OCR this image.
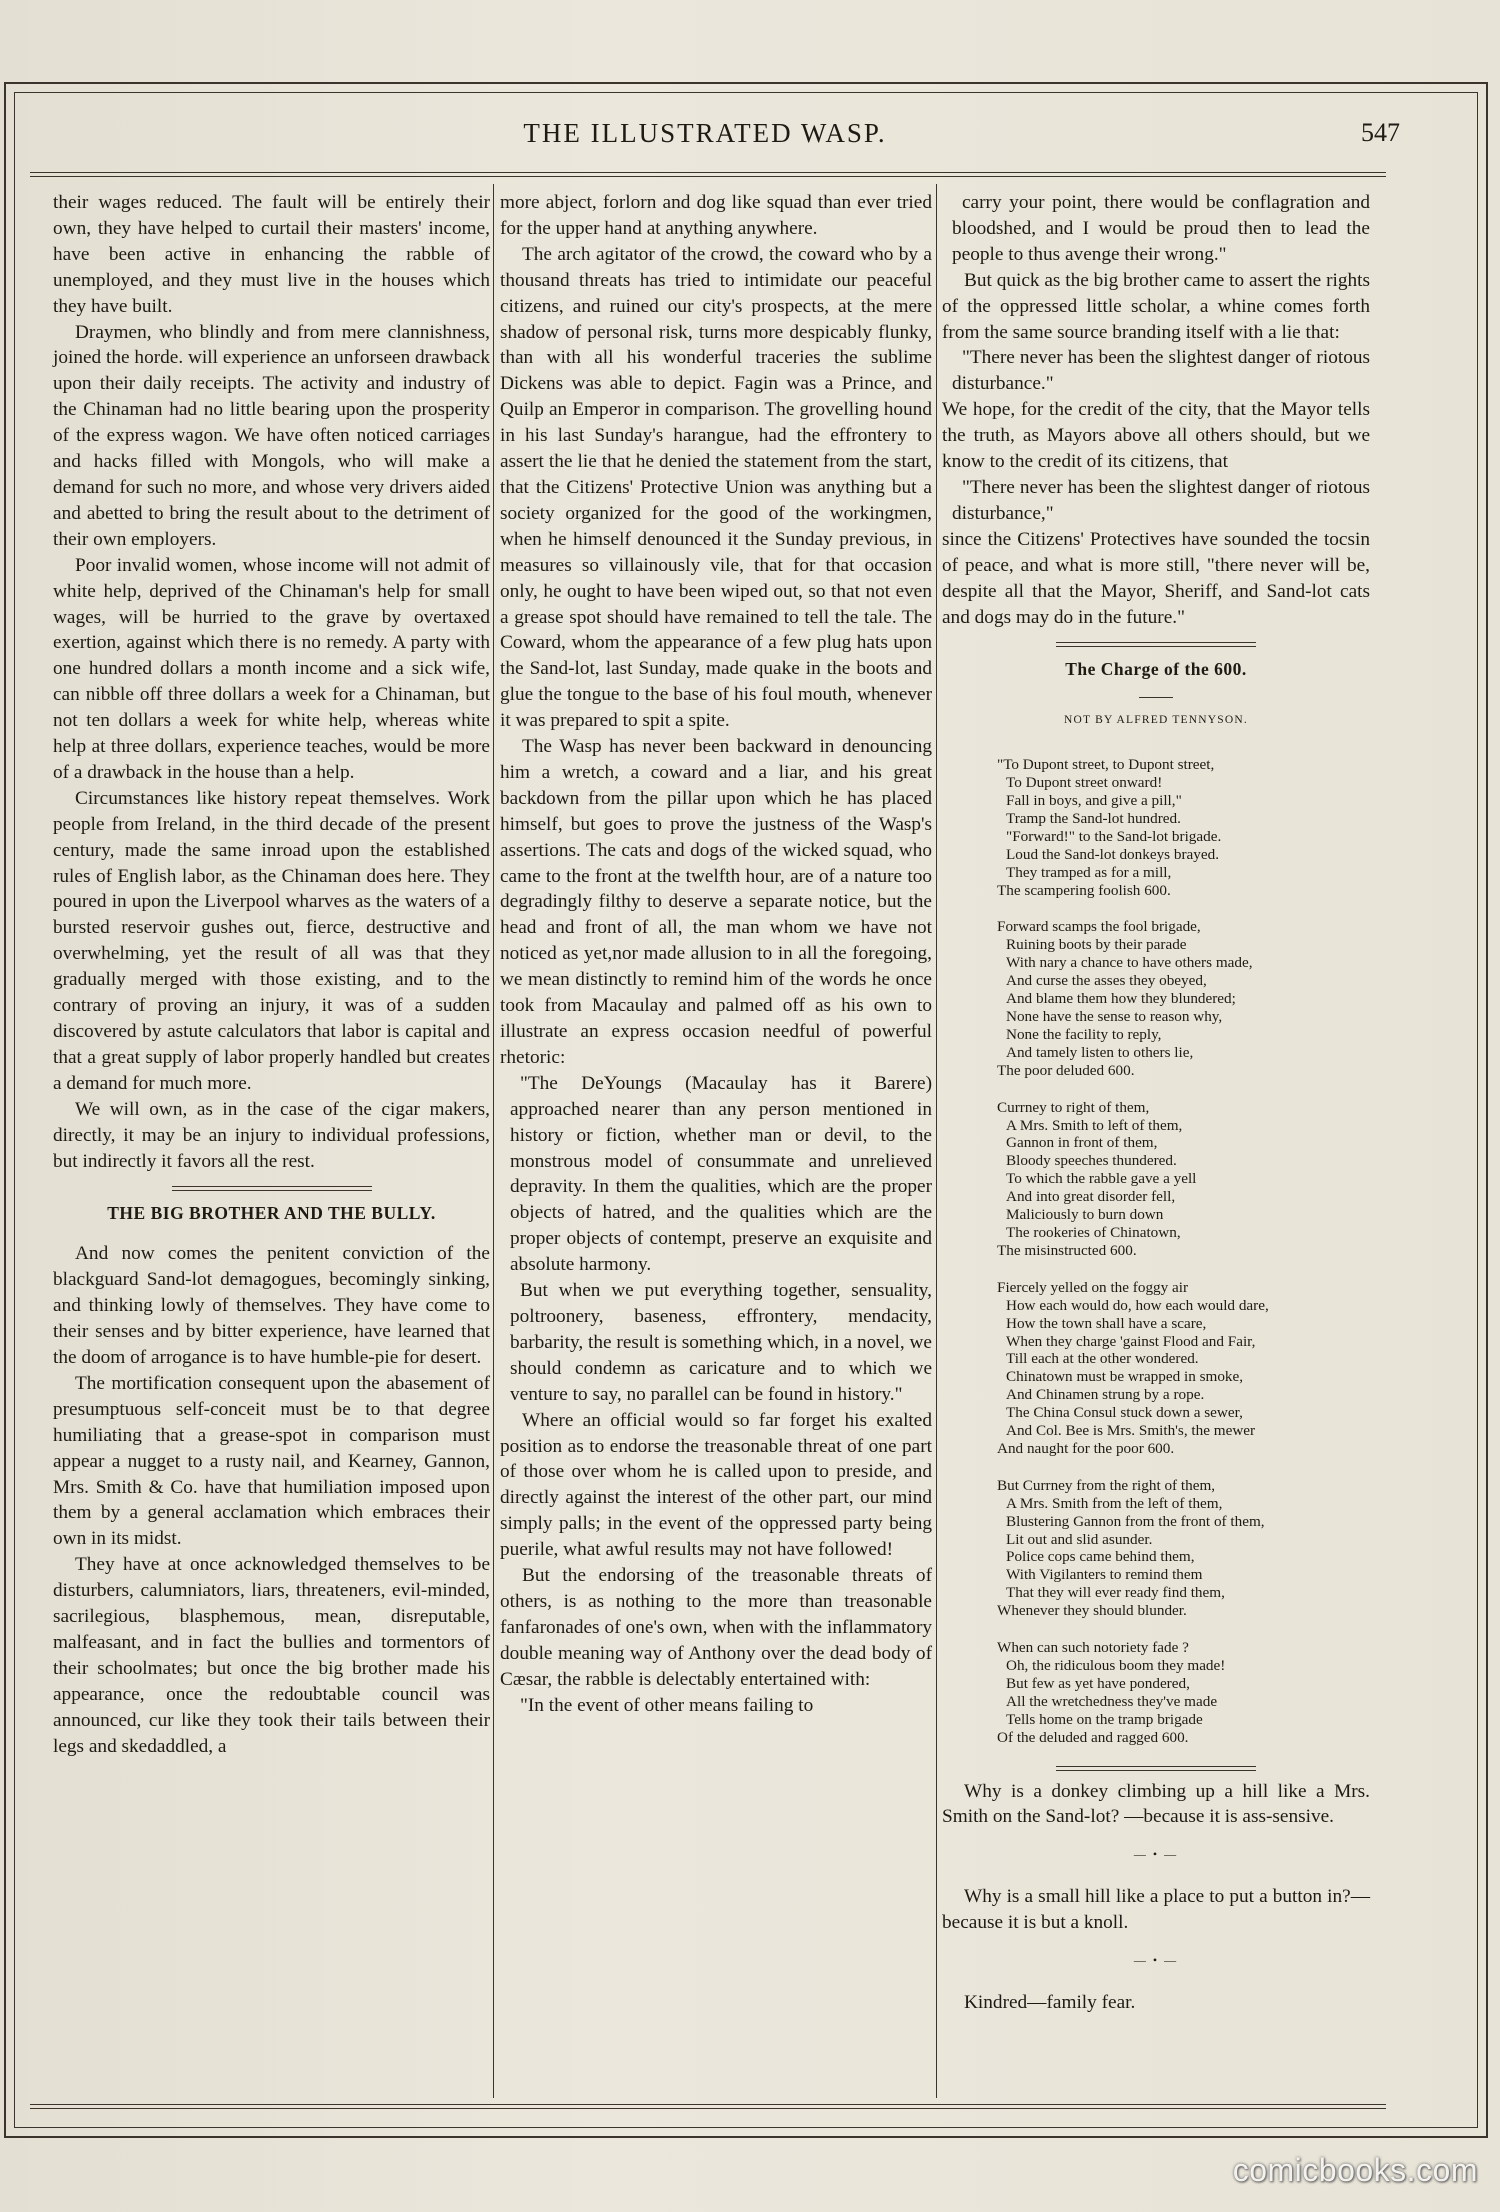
THE ILLUSTRATED WASP.	547

their wages reduced. The fault will be entirely their own, they have helped to curtail their masters' income, have been active in enhancing the rabble of unemployed, and they must live in the houses which they have built.

Draymen, who blindly and from mere clannishness, joined the horde. will experience an unforseen drawback upon their daily receipts. The activity and industry of the Chinaman had no little bearing upon the prosperity of the express wagon. We have often noticed carriages and hacks filled with Mongols, who will make a demand for such no more, and whose very drivers aided and abetted to bring the result about to the detriment of their own employers.

Poor invalid women, whose income will not admit of white help, deprived of the Chinaman's help for small wages, will be hurried to the grave by overtaxed exertion, against which there is no remedy. A party with one hundred dollars a month income and a sick wife, can nibble off three dollars a week for a Chinaman, but not ten dollars a week for white help, whereas white help at three dollars, experience teaches, would be more of a drawback in the house than a help.

Circumstances like history repeat themselves. Work people from Ireland, in the third decade of the present century, made the same inroad upon the established rules of English labor, as the Chinaman does here. They poured in upon the Liverpool wharves as the waters of a bursted reservoir gushes out, fierce, destructive and overwhelming, yet the result of all was that they gradually merged with those existing, and to the contrary of proving an injury, it was of a sudden discovered by astute calculators that labor is capital and that a great supply of labor properly handled but creates a demand for much more.

We will own, as in the case of the cigar makers, directly, it may be an injury to individual professions, but indirectly it favors all the rest.

THE BIG BROTHER AND THE BULLY.

And now comes the penitent conviction of the blackguard Sand-lot demagogues, becomingly sinking, and thinking lowly of themselves. They have come to their senses and by bitter experience, have learned that the doom of arrogance is to have humble-pie for desert.

The mortification consequent upon the abasement of presumptuous self-conceit must be to that degree humiliating that a grease-spot in comparison must appear a nugget to a rusty nail, and Kearney, Gannon, Mrs. Smith & Co. have that humiliation imposed upon them by a general acclamation which embraces their own in its midst.

They have at once acknowledged themselves to be disturbers, calumniators, liars, threateners, evil-minded, sacrilegious, blasphemous, mean, disreputable, malfeasant, and in fact the bullies and tormentors of their schoolmates; but once the big brother made his appearance, once the redoubtable council was announced, cur like they took their tails between their legs and skedaddled, a

more abject, forlorn and dog like squad than ever tried for the upper hand at anything anywhere.

The arch agitator of the crowd, the coward who by a thousand threats has tried to intimidate our peaceful citizens, and ruined our city's prospects, at the mere shadow of personal risk, turns more despicably flunky, than with all his wonderful traceries the sublime Dickens was able to depict. Fagin was a Prince, and Quilp an Emperor in comparison. The grovelling hound in his last Sunday's harangue, had the effrontery to assert the lie that he denied the statement from the start, that the Citizens' Protective Union was anything but a society organized for the good of the workingmen, when he himself denounced it the Sunday previous, in measures so villainously vile, that for that occasion only, he ought to have been wiped out, so that not even a grease spot should have remained to tell the tale. The Coward, whom the appearance of a few plug hats upon the Sand-lot, last Sunday, made quake in the boots and glue the tongue to the base of his foul mouth, whenever it was prepared to spit a spite.

The Wasp has never been backward in denouncing him a wretch, a coward and a liar, and his great backdown from the pillar upon which he has placed himself, but goes to prove the justness of the Wasp's assertions. The cats and dogs of the wicked squad, who came to the front at the twelfth hour, are of a nature too degradingly filthy to deserve a separate notice, but the head and front of all, the man whom we have not noticed as yet,nor made allusion to in all the foregoing, we mean distinctly to remind him of the words he once took from Macaulay and palmed off as his own to illustrate an express occasion needful of powerful rhetoric:

"The DeYoungs (Macaulay has it Barere) approached nearer than any person mentioned in history or fiction, whether man or devil, to the monstrous model of consummate and unrelieved depravity. In them the qualities, which are the proper objects of hatred, and the qualities which are the proper objects of contempt, preserve an exquisite and absolute harmony.

But when we put everything together, sensuality, poltroonery, baseness, effrontery, mendacity, barbarity, the result is something which, in a novel, we should condemn as caricature and to which we venture to say, no parallel can be found in history."

Where an official would so far forget his exalted position as to endorse the treasonable threat of one part of those over whom he is called upon to preside, and directly against the interest of the other part, our mind simply palls; in the event of the oppressed party being puerile, what awful results may not have followed!

But the endorsing of the treasonable threats of others, is as nothing to the more than treasonable fanfaronades of one's own, when with the inflammatory double meaning way of Anthony over the dead body of Cæsar, the rabble is delectably entertained with:

"In the event of other means failing to

carry your point, there would be conflagration and bloodshed, and I would be proud then to lead the people to thus avenge their wrong."

But quick as the big brother came to assert the rights of the oppressed little scholar, a whine comes forth from the same source branding itself with a lie that:

"There never has been the slightest danger of riotous disturbance."

We hope, for the credit of the city, that the Mayor tells the truth, as Mayors above all others should, but we know to the credit of its citizens, that

"There never has been the slightest danger of riotous disturbance,"

since the Citizens' Protectives have sounded the tocsin of peace, and what is more still, "there never will be, despite all that the Mayor, Sheriff, and Sand-lot cats and dogs may do in the future."

The Charge of the 600.
NOT BY ALFRED TENNYSON.
"To Dupont street, to Dupont street,
To Dupont street onward!
Fall in boys, and give a pill,"
Tramp the Sand-lot hundred.
"Forward!" to the Sand-lot brigade.
Loud the Sand-lot donkeys brayed.
They tramped as for a mill,
The scampering foolish 600.
Forward scamps the fool brigade,
Ruining boots by their parade
With nary a chance to have others made,
And curse the asses they obeyed,
And blame them how they blundered;
None have the sense to reason why,
None the facility to reply,
And tamely listen to others lie,
The poor deluded 600.
Currney to right of them,
A Mrs. Smith to left of them,
Gannon in front of them,
Bloody speeches thundered.
To which the rabble gave a yell
And into great disorder fell,
Maliciously to burn down
The rookeries of Chinatown,
The misinstructed 600.
Fiercely yelled on the foggy air
How each would do, how each would dare,
How the town shall have a scare,
When they charge 'gainst Flood and Fair,
Till each at the other wondered.
Chinatown must be wrapped in smoke,
And Chinamen strung by a rope.
The China Consul stuck down a sewer,
And Col. Bee is Mrs. Smith's, the mewer
And naught for the poor 600.
But Currney from the right of them,
A Mrs. Smith from the left of them,
Blustering Gannon from the front of them,
Lit out and slid asunder.
Police cops came behind them,
With Vigilanters to remind them
That they will ever ready find them,
Whenever they should blunder.
When can such notoriety fade ?
Oh, the ridiculous boom they made!
But few as yet have pondered,
All the wretchedness they've made
Tells home on the tramp brigade
Of the deluded and ragged 600.

Why is a donkey climbing up a hill like a Mrs. Smith on the Sand-lot? —because it is ass-sensive.

— • —

Why is a small hill like a place to put a button in?—because it is but a knoll.

— • —

Kindred—family fear.

comicbooks.com
